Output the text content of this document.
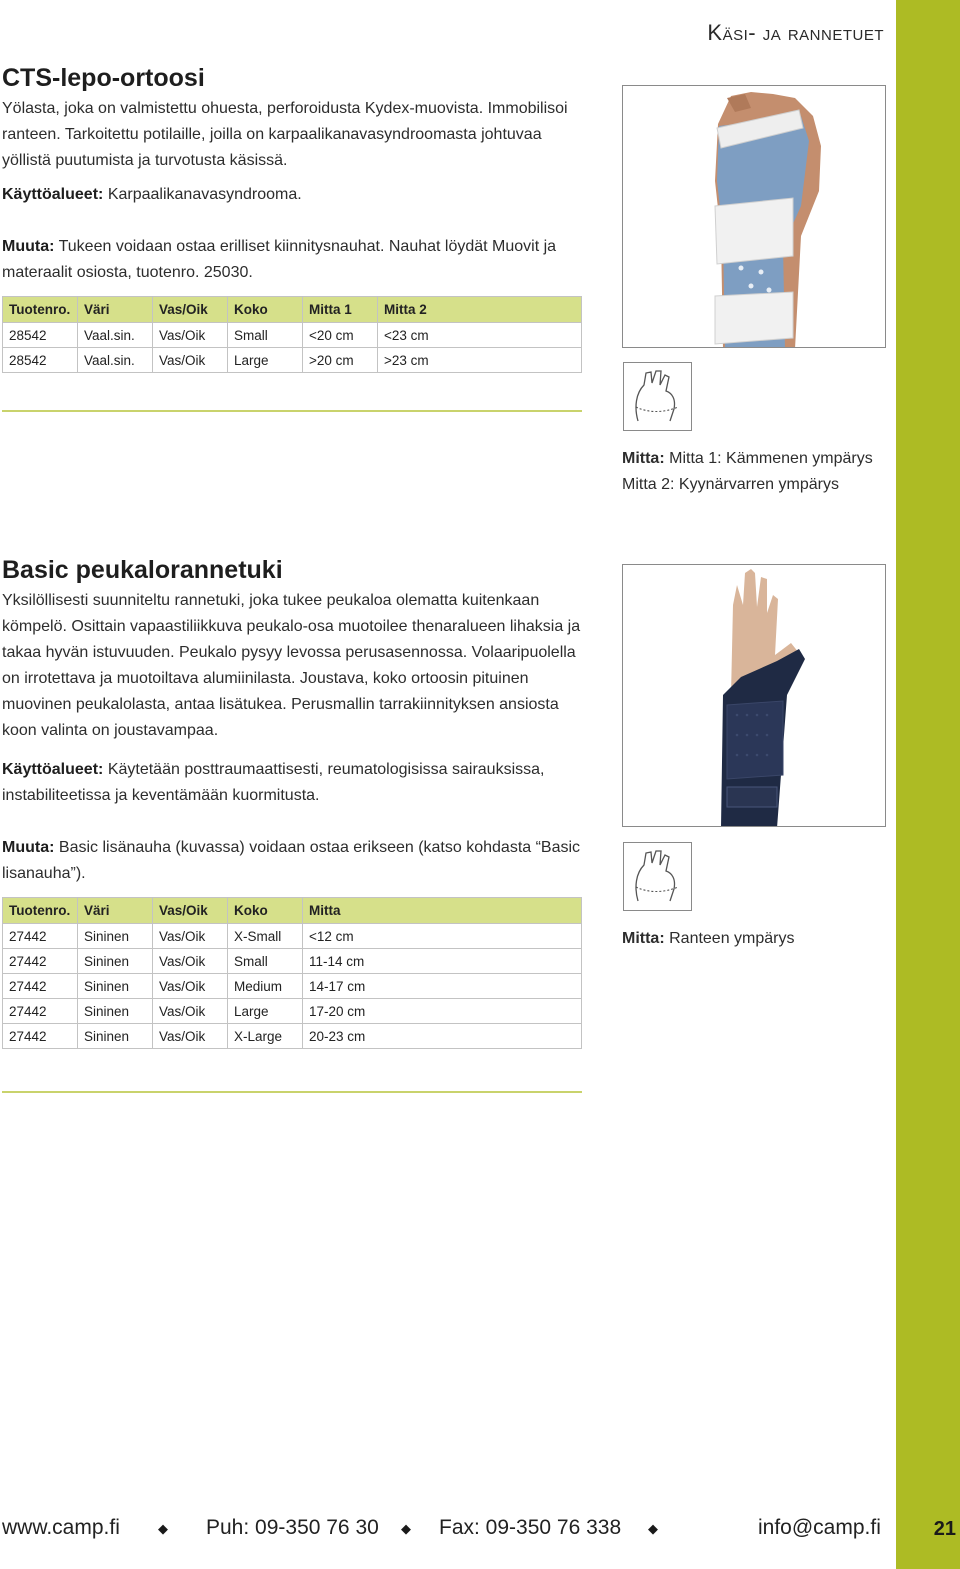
21
Käsi- ja rannetuet
CTS-lepo-ortoosi

Yölasta, joka on valmistettu ohuesta, perforoidusta Kydex-muovista. Immobilisoi ranteen. Tarkoitettu potilaille, joilla on karpaalikanavasyndroomasta johtuvaa yöllistä puutumista ja turvotusta käsissä.

Käyttöalueet: Karpaalikanavasyndrooma.

Muuta: Tukeen voidaan ostaa erilliset kiinnitysnauhat. Nauhat löydät Muovit ja materaalit osiosta, tuotenro. 25030.

Tuotenro.	Väri	Vas/Oik	Koko	Mitta 1	Mitta 2
28542	Vaal.sin.	Vas/Oik	Small	<20 cm	<23 cm
28542	Vaal.sin.	Vas/Oik	Large	>20 cm	>23 cm
Mitta: Mitta 1: Kämmenen ympärys
Mitta 2: Kyynärvarren ympärys
Basic peukalorannetuki

Yksilöllisesti suunniteltu rannetuki, joka tukee peukaloa olematta kuitenkaan kömpelö. Osittain vapaastiliikkuva peukalo-osa muotoilee thenaralueen lihaksia ja takaa hyvän istuvuuden. Peukalo pysyy levossa perusasennossa. Volaaripuolella on irrotettava ja muotoiltava alumiinilasta. Joustava, koko ortoosin pituinen muovinen peukalolasta, antaa lisätukea. Perusmallin tarrakiinnityksen ansiosta koon valinta on joustavampaa.

Käyttöalueet: Käytetään posttraumaattisesti, reumatologisissa sairauksissa, instabiliteetissa ja keventämään kuormitusta.

Muuta: Basic lisänauha (kuvassa) voidaan ostaa erikseen (katso kohdasta “Basic lisanauha”).

Tuotenro.	Väri	Vas/Oik	Koko	Mitta
27442	Sininen	Vas/Oik	X-Small	<12 cm
27442	Sininen	Vas/Oik	Small	11-14 cm
27442	Sininen	Vas/Oik	Medium	14-17 cm
27442	Sininen	Vas/Oik	Large	17-20 cm
27442	Sininen	Vas/Oik	X-Large	20-23 cm
Mitta: Ranteen ympärys
www.camp.fi	◆ Puh: 09-350 76 30 ◆ Fax: 09-350 76 338 ◆	info@camp.fi
